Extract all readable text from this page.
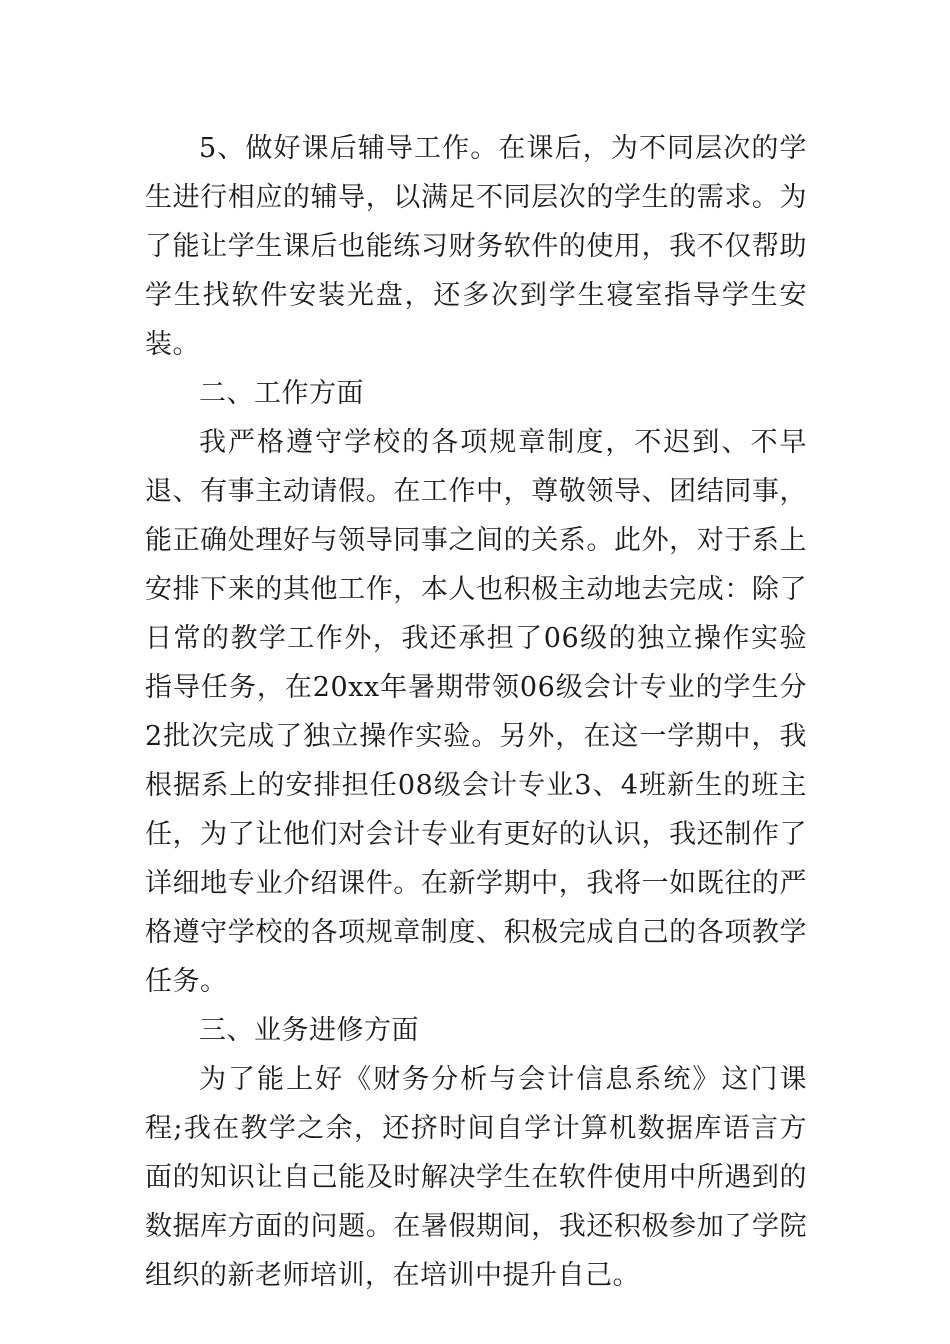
5、做好课后辅导工作。在课后，为不同层次的学生进行相应的辅导，以满足不同层次的学生的需求。为了能让学生课后也能练习财务软件的使用，我不仅帮助学生找软件安装光盘，还多次到学生寝室指导学生安装。

二、工作方面

我严格遵守学校的各项规章制度，不迟到、不早退、有事主动请假。在工作中，尊敬领导、团结同事，能正确处理好与领导同事之间的关系。此外，对于系上安排下来的其他工作，本人也积极主动地去完成：除了日常的教学工作外，我还承担了06级的独立操作实验指导任务，在20xx年暑期带领06级会计专业的学生分2批次完成了独立操作实验。另外，在这一学期中，我根据系上的安排担任08级会计专业3、4班新生的班主任，为了让他们对会计专业有更好的认识，我还制作了详细地专业介绍课件。在新学期中，我将一如既往的严格遵守学校的各项规章制度、积极完成自己的各项教学任务。

三、业务进修方面

为了能上好《财务分析与会计信息系统》这门课程;我在教学之余，还挤时间自学计算机数据库语言方面的知识让自己能及时解决学生在软件使用中所遇到的数据库方面的问题。在暑假期间，我还积极参加了学院组织的新老师培训，在培训中提升自己。
